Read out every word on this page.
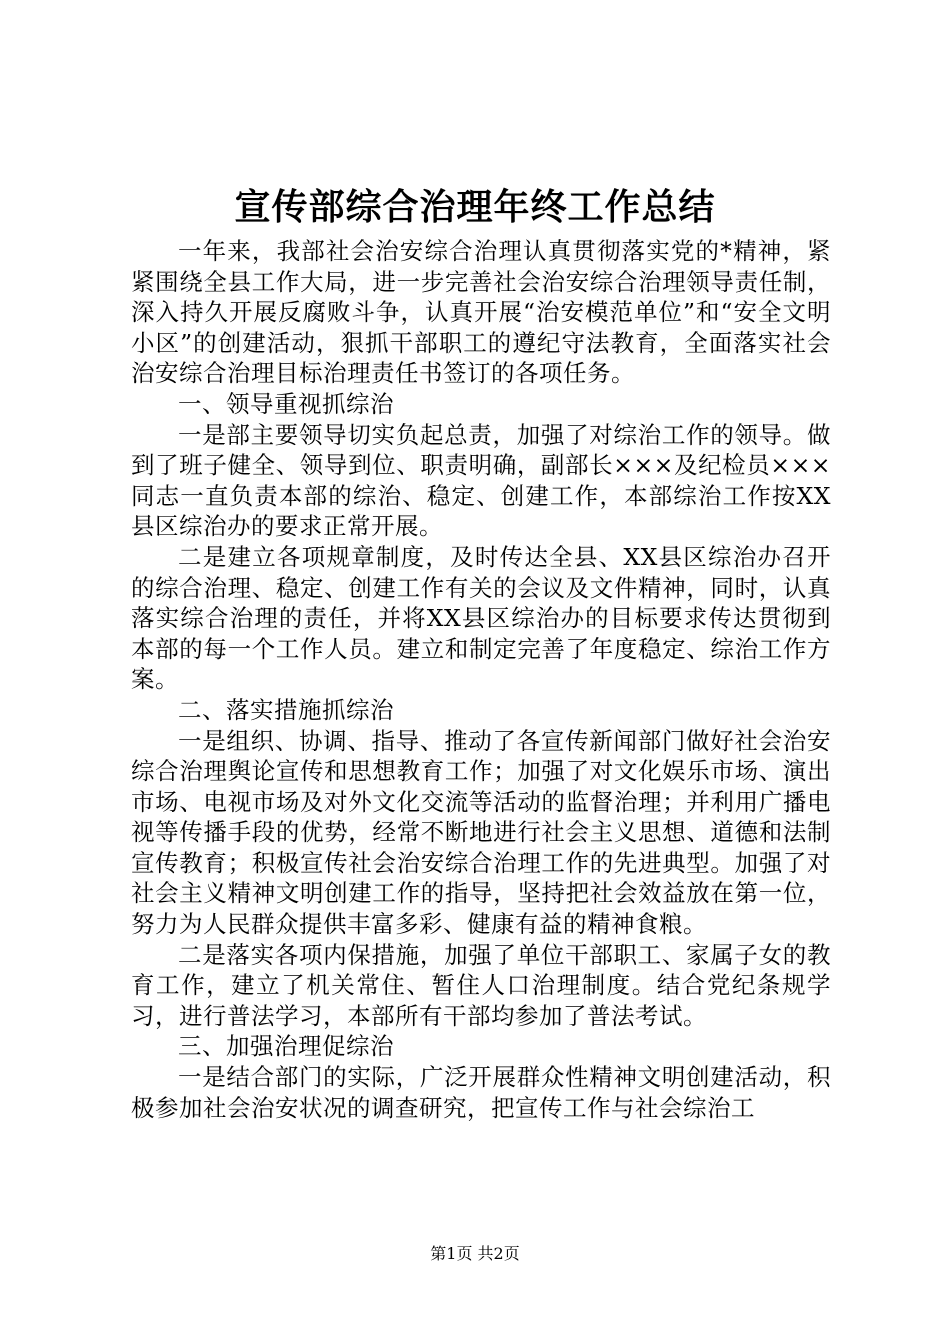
宣传部综合治理年终工作总结

一年来，我部社会治安综合治理认真贯彻落实党的*精神，紧紧围绕全县工作大局，进一步完善社会治安综合治理领导责任制，深入持久开展反腐败斗争，认真开展“治安模范单位”和“安全文明小区”的创建活动，狠抓干部职工的遵纪守法教育，全面落实社会治安综合治理目标治理责任书签订的各项任务。

一、领导重视抓综治

一是部主要领导切实负起总责，加强了对综治工作的领导。做到了班子健全、领导到位、职责明确，副部长×××及纪检员×××同志一直负责本部的综治、稳定、创建工作，本部综治工作按XX县区综治办的要求正常开展。

二是建立各项规章制度，及时传达全县、XX县区综治办召开的综合治理、稳定、创建工作有关的会议及文件精神，同时，认真落实综合治理的责任，并将XX县区综治办的目标要求传达贯彻到本部的每一个工作人员。建立和制定完善了年度稳定、综治工作方案。

二、落实措施抓综治

一是组织、协调、指导、推动了各宣传新闻部门做好社会治安综合治理舆论宣传和思想教育工作；加强了对文化娱乐市场、演出市场、电视市场及对外文化交流等活动的监督治理；并利用广播电视等传播手段的优势，经常不断地进行社会主义思想、道德和法制宣传教育；积极宣传社会治安综合治理工作的先进典型。加强了对社会主义精神文明创建工作的指导，坚持把社会效益放在第一位，努力为人民群众提供丰富多彩、健康有益的精神食粮。

二是落实各项内保措施，加强了单位干部职工、家属子女的教育工作，建立了机关常住、暂住人口治理制度。结合党纪条规学习，进行普法学习，本部所有干部均参加了普法考试。

三、加强治理促综治

一是结合部门的实际，广泛开展群众性精神文明创建活动，积极参加社会治安状况的调查研究，把宣传工作与社会综治工

第1页 共2页
